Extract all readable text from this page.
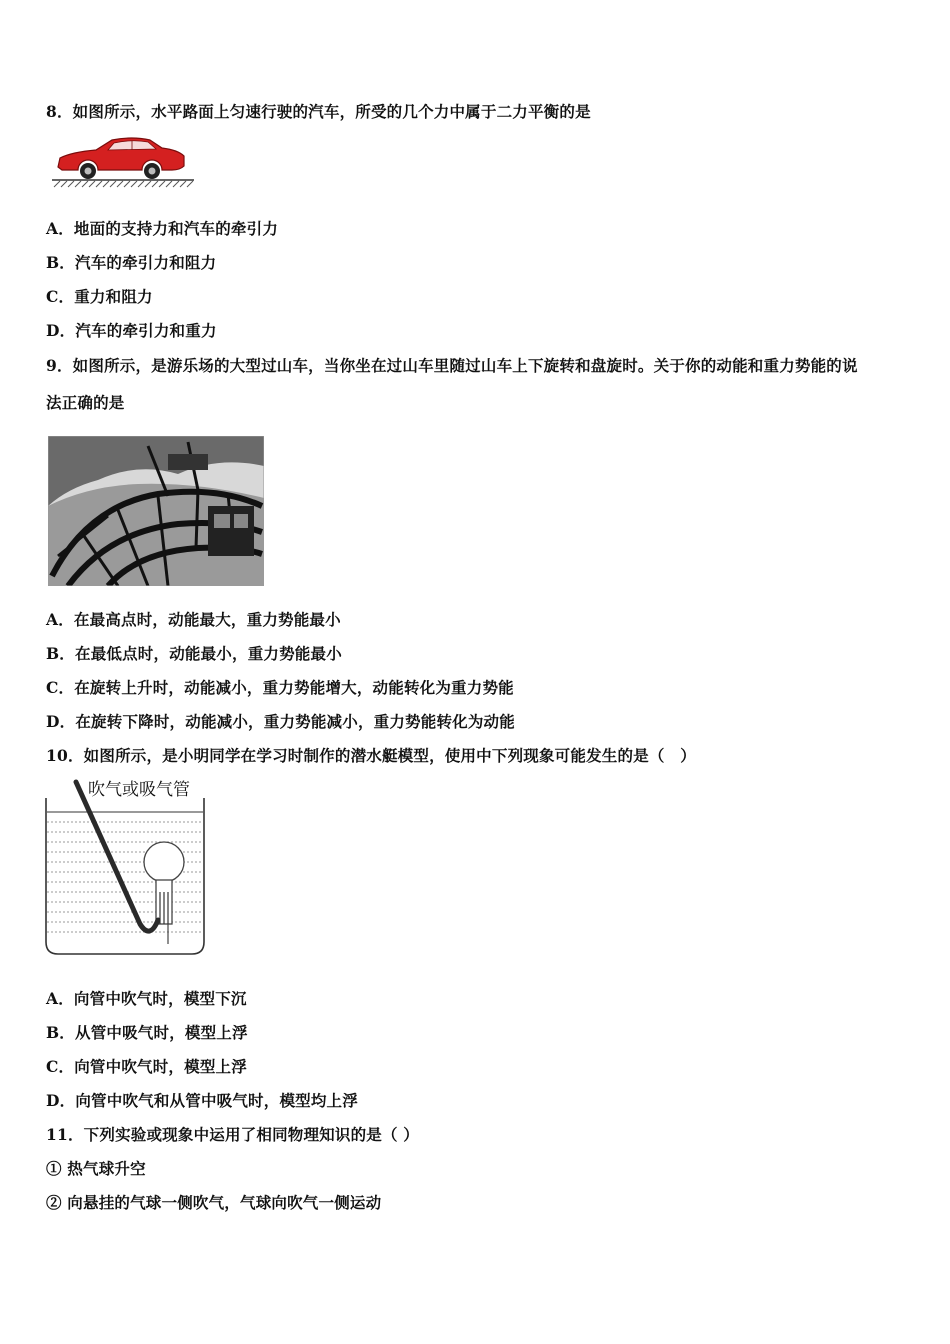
8．如图所示，水平路面上匀速行驶的汽车，所受的几个力中属于二力平衡的是
A．地面的支持力和汽车的牵引力
B．汽车的牵引力和阻力
C．重力和阻力
D．汽车的牵引力和重力
9．如图所示，是游乐场的大型过山车，当你坐在过山车里随过山车上下旋转和盘旋时。关于你的动能和重力势能的说
法正确的是
A．在最高点时，动能最大，重力势能最小
B．在最低点时，动能最小，重力势能最小
C．在旋转上升时，动能减小，重力势能增大，动能转化为重力势能
D．在旋转下降时，动能减小，重力势能减小，重力势能转化为动能
10．如图所示，是小明同学在学习时制作的潜水艇模型，使用中下列现象可能发生的是（　）
吹气或吸气管
A．向管中吹气时，模型下沉
B．从管中吸气时，模型上浮
C．向管中吹气时，模型上浮
D．向管中吹气和从管中吸气时，模型均上浮
11．下列实验或现象中运用了相同物理知识的是（ ）
① 热气球升空
② 向悬挂的气球一侧吹气，气球向吹气一侧运动
